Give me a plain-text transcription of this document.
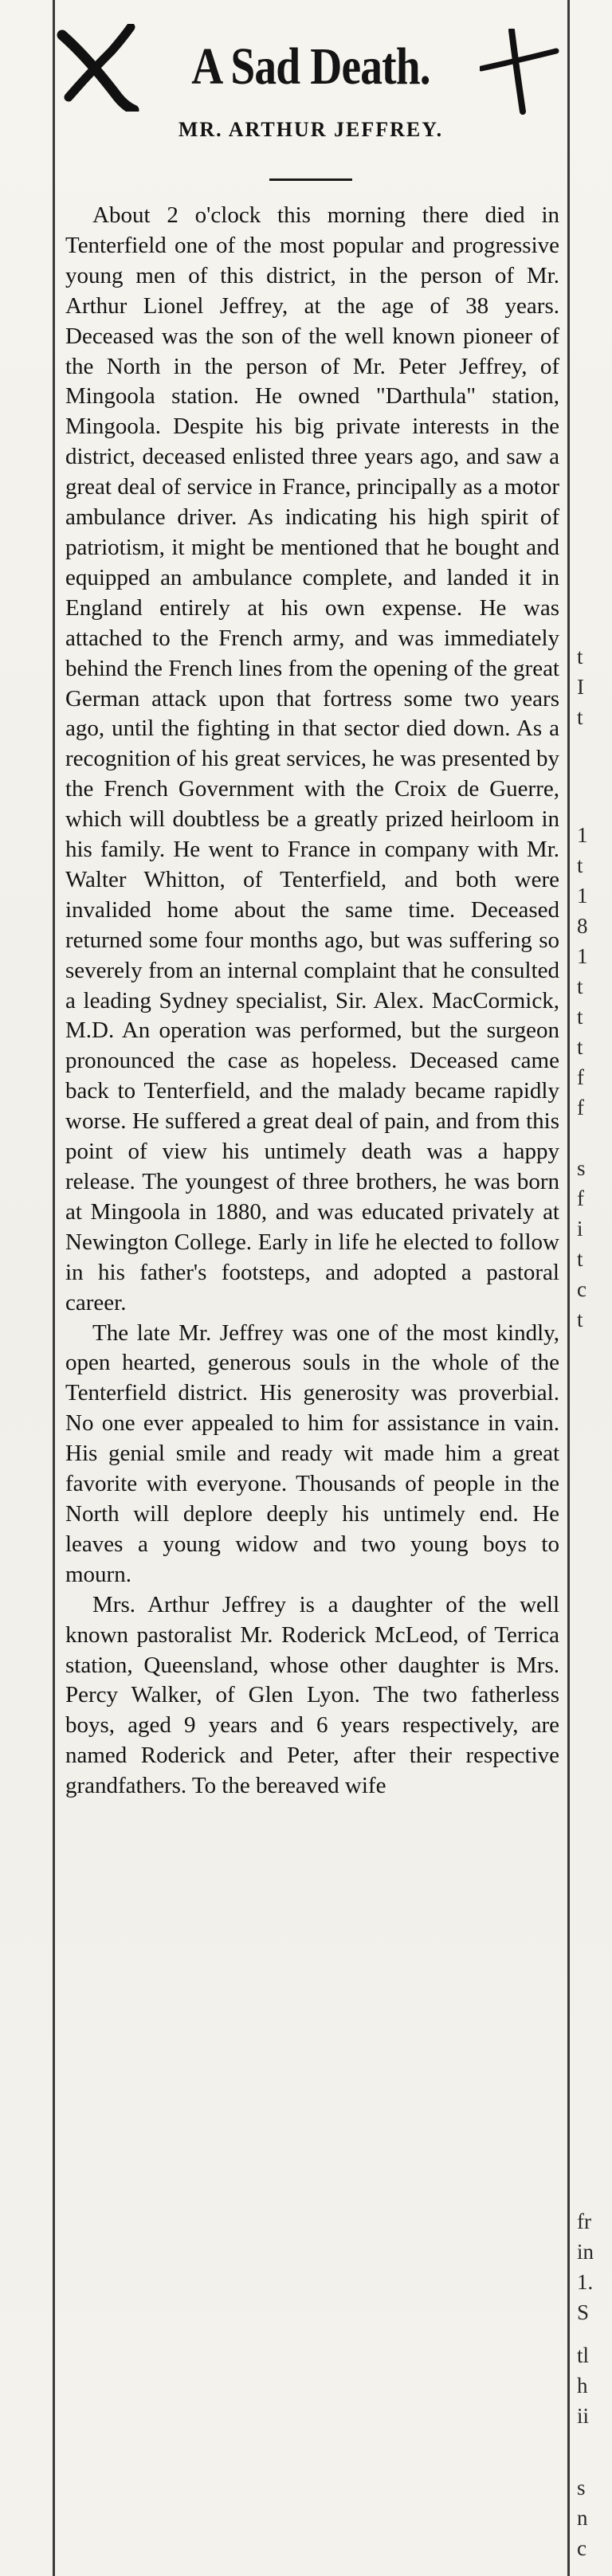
A Sad Death.
MR. ARTHUR JEFFREY.

About 2 o'clock this morning there died in Tenterfield one of the most popular and progressive young men of this district, in the person of Mr. Arthur Lionel Jeffrey, at the age of 38 years. Deceased was the son of the well known pioneer of the North in the person of Mr. Peter Jeffrey, of Mingoola station. He owned "Darthula" station, Mingoola. Despite his big private interests in the district, deceased enlisted three years ago, and saw a great deal of service in France, principally as a motor ambulance driver. As indicating his high spirit of patriotism, it might be mentioned that he bought and equipped an ambulance complete, and landed it in England entirely at his own expense. He was attached to the French army, and was immediately behind the French lines from the opening of the great German attack upon that fortress some two years ago, until the fighting in that sector died down. As a recognition of his great services, he was presented by the French Government with the Croix de Guerre, which will doubtless be a greatly prized heirloom in his family. He went to France in company with Mr. Walter Whitton, of Tenterfield, and both were invalided home about the same time. Deceased returned some four months ago, but was suffering so severely from an internal complaint that he consulted a leading Sydney specialist, Sir. Alex. MacCormick, M.D. An operation was performed, but the surgeon pronounced the case as hopeless. Deceased came back to Tenterfield, and the malady became rapidly worse. He suffered a great deal of pain, and from this point of view his untimely death was a happy release. The youngest of three brothers, he was born at Mingoola in 1880, and was educated privately at Newington College. Early in life he elected to follow in his father's footsteps, and adopted a pastoral career.

The late Mr. Jeffrey was one of the most kindly, open hearted, generous souls in the whole of the Tenterfield district. His generosity was proverbial. No one ever appealed to him for assistance in vain. His genial smile and ready wit made him a great favorite with everyone. Thousands of people in the North will deplore deeply his untimely end. He leaves a young widow and two young boys to mourn.

Mrs. Arthur Jeffrey is a daughter of the well known pastoralist Mr. Roderick McLeod, of Terrica station, Queensland, whose other daughter is Mrs. Percy Walker, of Glen Lyon. The two fatherless boys, aged 9 years and 6 years respectively, are named Roderick and Peter, after their respective grandfathers. To the bereaved wife

t
I
t
1
t
1
8
1
t
t
t
f
f
s
f
i
t
c
t
fr
in
1.
S
tl
h
ii
s
n
c
